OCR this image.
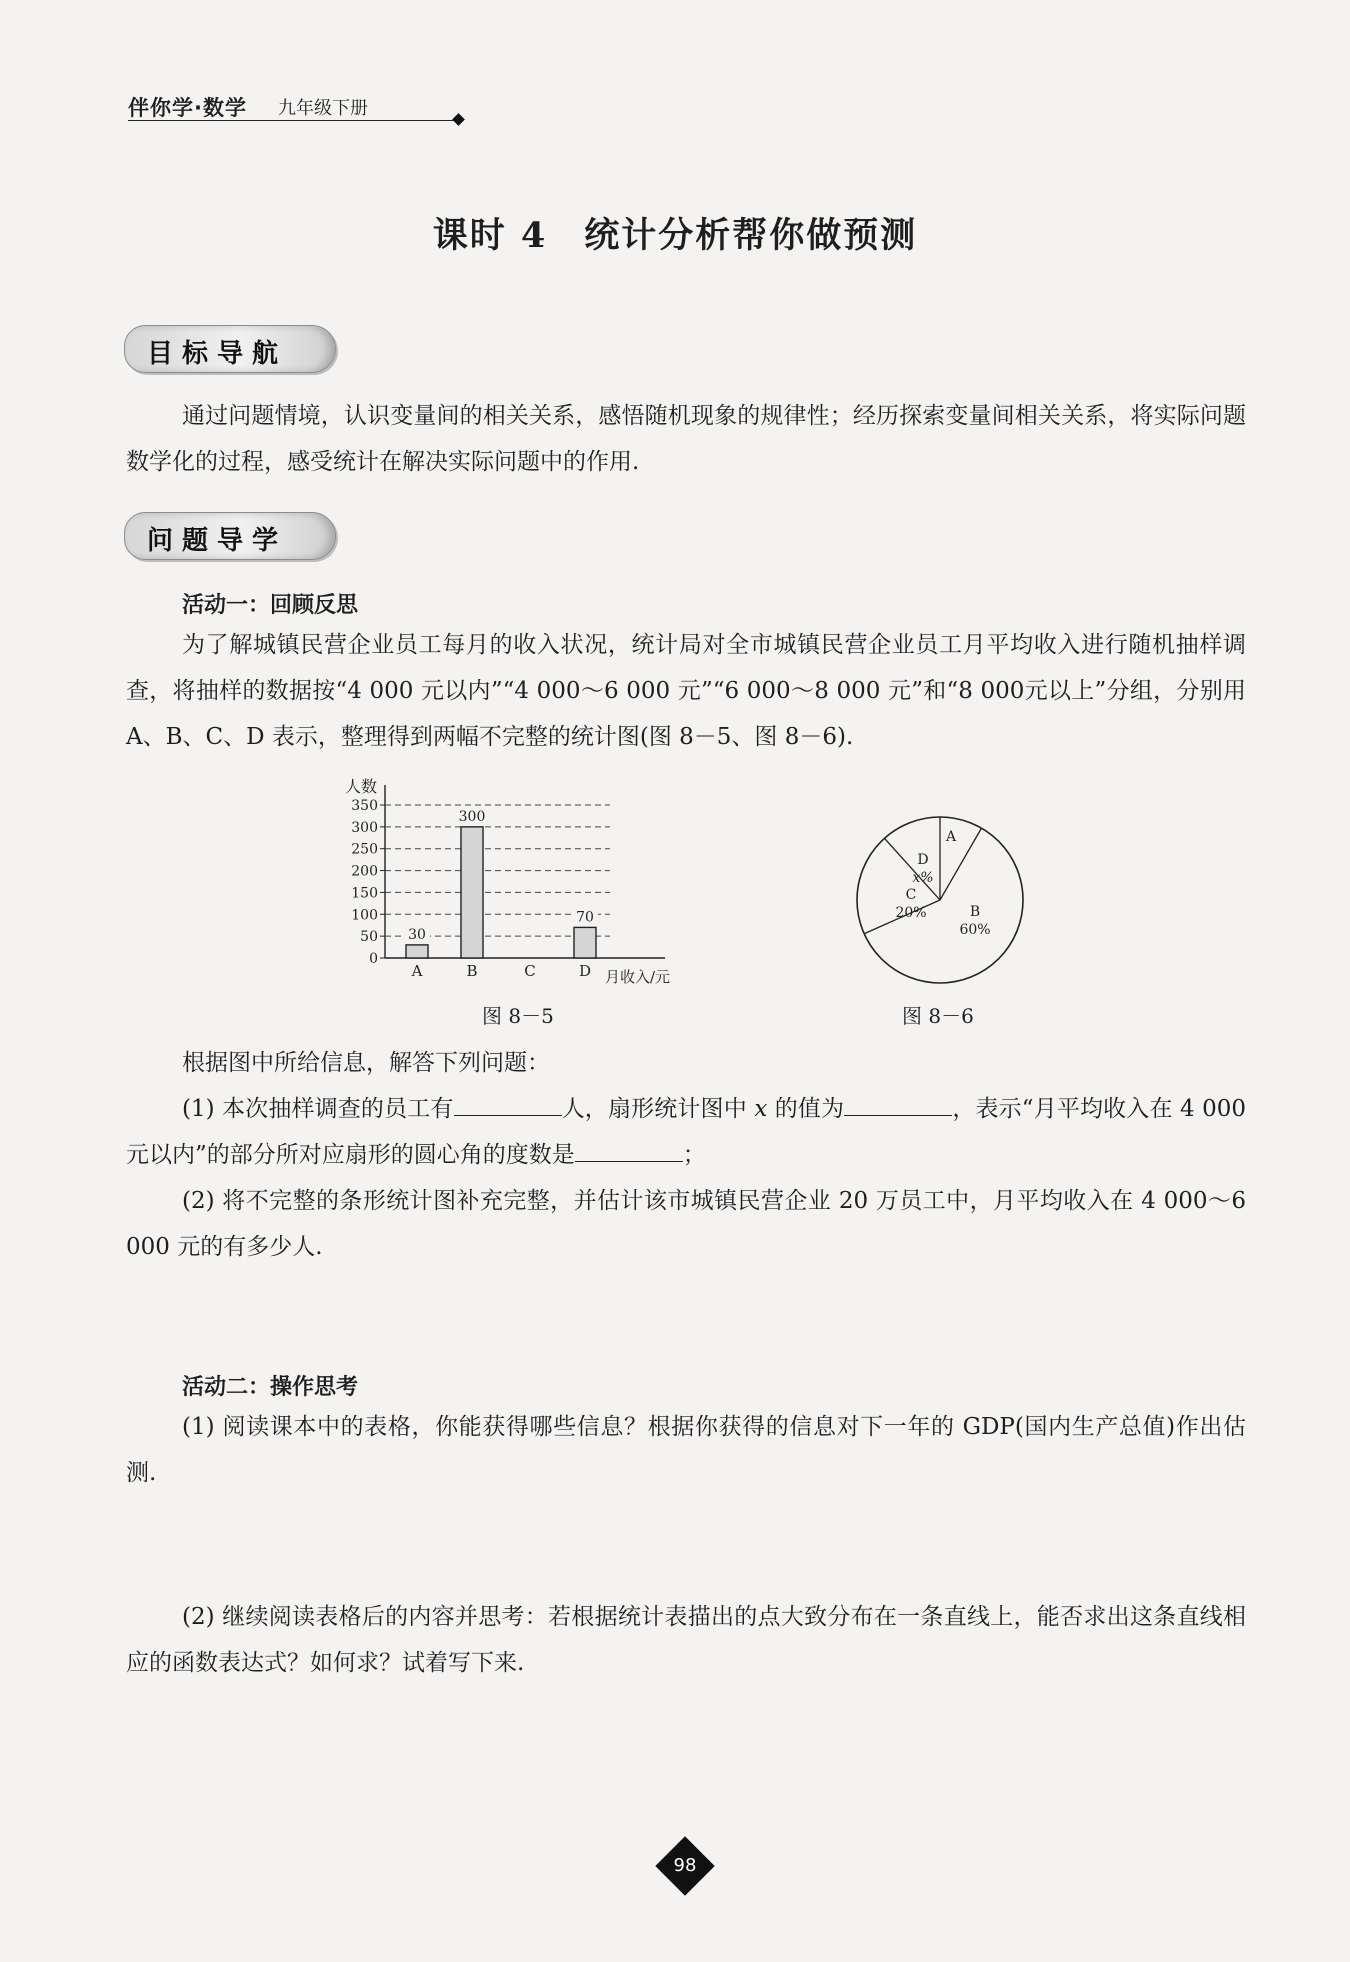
伴你学·数学 九年级下册
课时 4　统计分析帮你做预测
目标导航

通过问题情境，认识变量间的相关关系，感悟随机现象的规律性；经历探索变量间相关关系，将实际问题数学化的过程，感受统计在解决实际问题中的作用.

问题导学
活动一：回顾反思

为了解城镇民营企业员工每月的收入状况，统计局对全市城镇民营企业员工月平均收入进行随机抽样调查，将抽样的数据按“4 000 元以内”“4 000～6 000 元”“6 000～8 000 元”和“8 000元以上”分组，分别用 A、B、C、D 表示，整理得到两幅不完整的统计图(图 8－5、图 8－6).

人数
月收入/元
0
50
100
150
200
250
300
350
30
A
300
B	C
70
D
图 8－5
A
B
60%
C
20%
D
x%
图 8－6

根据图中所给信息，解答下列问题：

(1) 本次抽样调查的员工有	人，扇形统计图中 x 的值为	，表示“月平均收入在 4 000 元以内”的部分所对应扇形的圆心角的度数是	；

(2) 将不完整的条形统计图补充完整，并估计该市城镇民营企业 20 万员工中，月平均收入在 4 000～6 000 元的有多少人.

活动二：操作思考

(1) 阅读课本中的表格，你能获得哪些信息？根据你获得的信息对下一年的 GDP(国内生产总值)作出估测.

(2) 继续阅读表格后的内容并思考：若根据统计表描出的点大致分布在一条直线上，能否求出这条直线相应的函数表达式？如何求？试着写下来.

98
